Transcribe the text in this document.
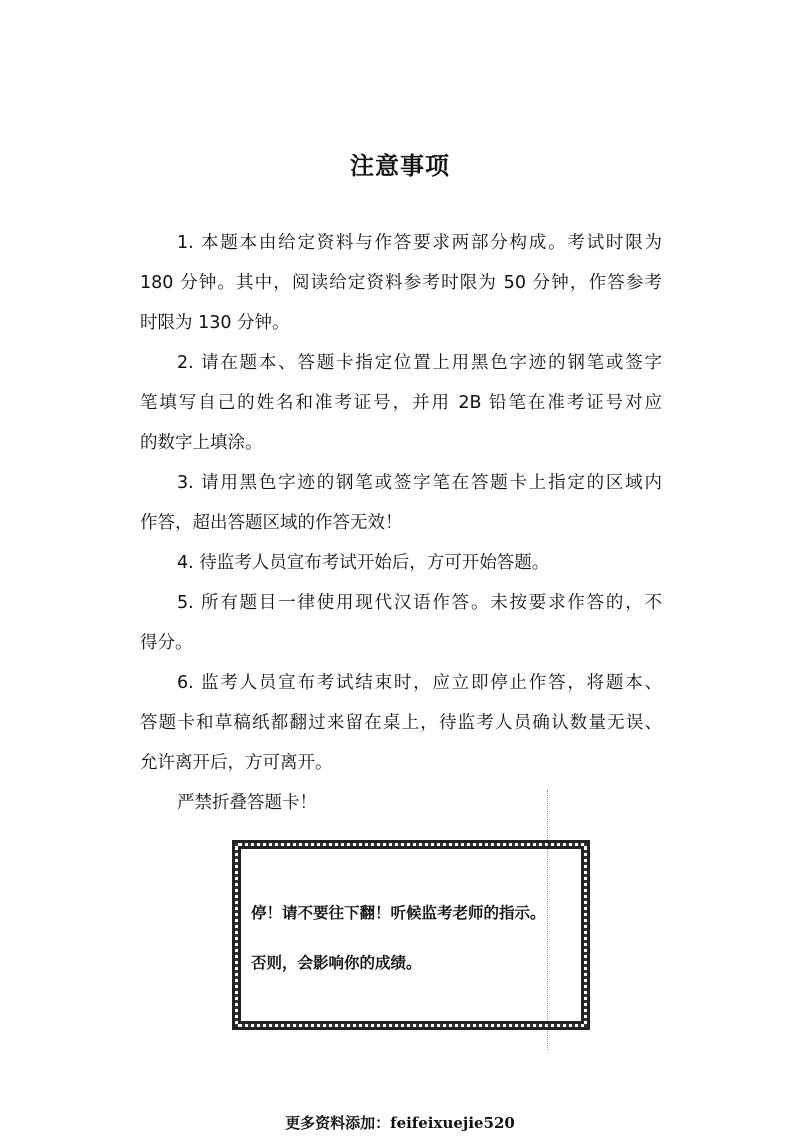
注意事项
1. 本题本由给定资料与作答要求两部分构成。考试时限为
180 分钟。其中，阅读给定资料参考时限为 50 分钟，作答参考
时限为 130 分钟。
2. 请在题本、答题卡指定位置上用黑色字迹的钢笔或签字
笔填写自己的姓名和准考证号，并用 2B 铅笔在准考证号对应
的数字上填涂。
3. 请用黑色字迹的钢笔或签字笔在答题卡上指定的区域内
作答，超出答题区域的作答无效！
4. 待监考人员宣布考试开始后，方可开始答题。
5. 所有题目一律使用现代汉语作答。未按要求作答的，不
得分。
6. 监考人员宣布考试结束时，应立即停止作答，将题本、
答题卡和草稿纸都翻过来留在桌上，待监考人员确认数量无误、
允许离开后，方可离开。
严禁折叠答题卡！
停！请不要往下翻！听候监考老师的指示。
否则，会影响你的成绩。
更多资料添加：feifeixuejie520
